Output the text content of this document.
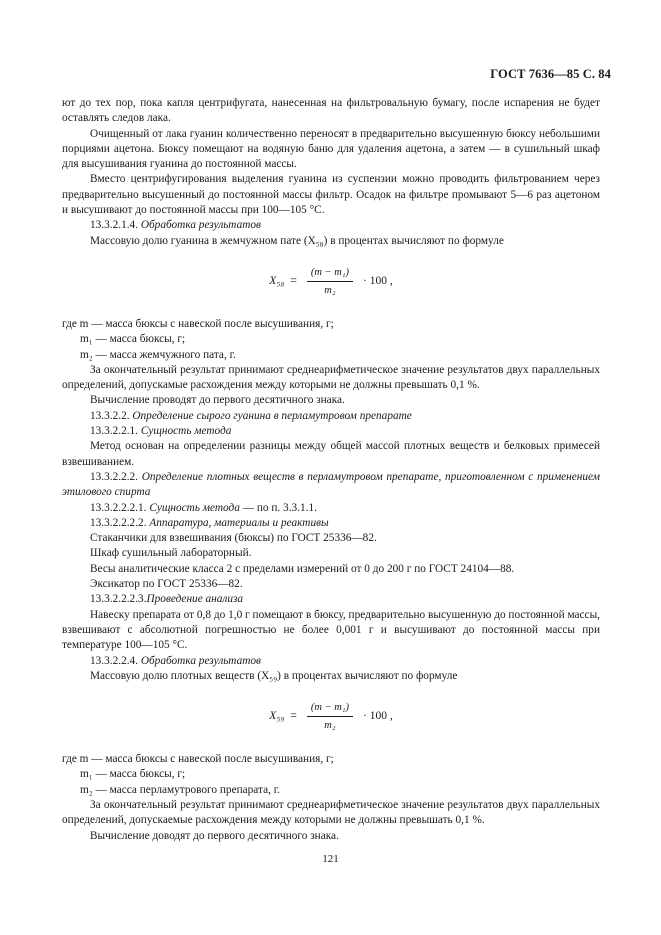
ГОСТ 7636—85 С. 84

ют до тех пор, пока капля центрифугата, нанесенная на фильтровальную бумагу, после испарения не будет оставлять следов лака.

Очищенный от лака гуанин количественно переносят в предварительно высушенную бюксу небольшими порциями ацетона. Бюксу помещают на водяную баню для удаления ацетона, а затем — в сушильный шкаф для высушивания гуанина до постоянной массы.

Вместо центрифугирования выделения гуанина из суспензии можно проводить фильтрованием через предварительно высушенный до постоянной массы фильтр. Осадок на фильтре промывают 5—6 раз ацетоном и высушивают до постоянной массы при 100—105 °С.

13.3.2.1.4. Обработка результатов

Массовую долю гуанина в жемчужном пате (X₅₈) в процентах вычисляют по формуле

$X_{58} = \frac{\text{(m − m₁)}}{\text{m₂}} \cdot 100$ ,

где m — масса бюксы с навеской после высушивания, г;

m₁ — масса бюксы, г;

m₂ — масса жемчужного пата, г.

За окончательный результат принимают среднеарифметическое значение результатов двух параллельных определений, допускамые расхождения между которыми не должны превышать 0,1 %.

Вычисление проводят до первого десятичного знака.

13.3.2.2. Определение сырого гуанина в перламутровом препарате

13.3.2.2.1. Сущность метода

Метод основан на определении разницы между общей массой плотных веществ и белковых примесей взвешиванием.

13.3.2.2.2. Определение плотных веществ в перламутровом препарате, приготовленном с применением этилового спирта

13.3.2.2.2.1. Сущность метода — по п. 3.3.1.1.

13.3.2.2.2.2. Аппаратура, материалы и реактивы

Стаканчики для взвешивания (бюксы) по ГОСТ 25336—82.

Шкаф сушильный лабораторный.

Весы аналитические класса 2 с пределами измерений от 0 до 200 г по ГОСТ 24104—88.

Эксикатор по ГОСТ 25336—82.

13.3.2.2.2.3.Проведение анализа

Навеску препарата от 0,8 до 1,0 г помещают в бюксу, предварительно высушенную до постоянной массы, взвешивают с абсолютной погрешностью не более 0,001 г и высушивают до постоянной массы при температуре 100—105 °С.

13.3.2.2.4. Обработка результатов

Массовую долю плотных веществ (X₅₉) в процентах вычисляют по формуле

$X_{59} = \frac{\text{(m − m₁)}}{\text{m₂}} \cdot 100$ ,

где m — масса бюксы с навеской после высушивания, г;

m₁ — масса бюксы, г;

m₂ — масса перламутрового препарата, г.

За окончательный результат принимают среднеарифметическое значение результатов двух параллельных определений, допускаемые расхождения между которыми не должны превышать 0,1 %.

Вычисление доводят до первого десятичного знака.

121
